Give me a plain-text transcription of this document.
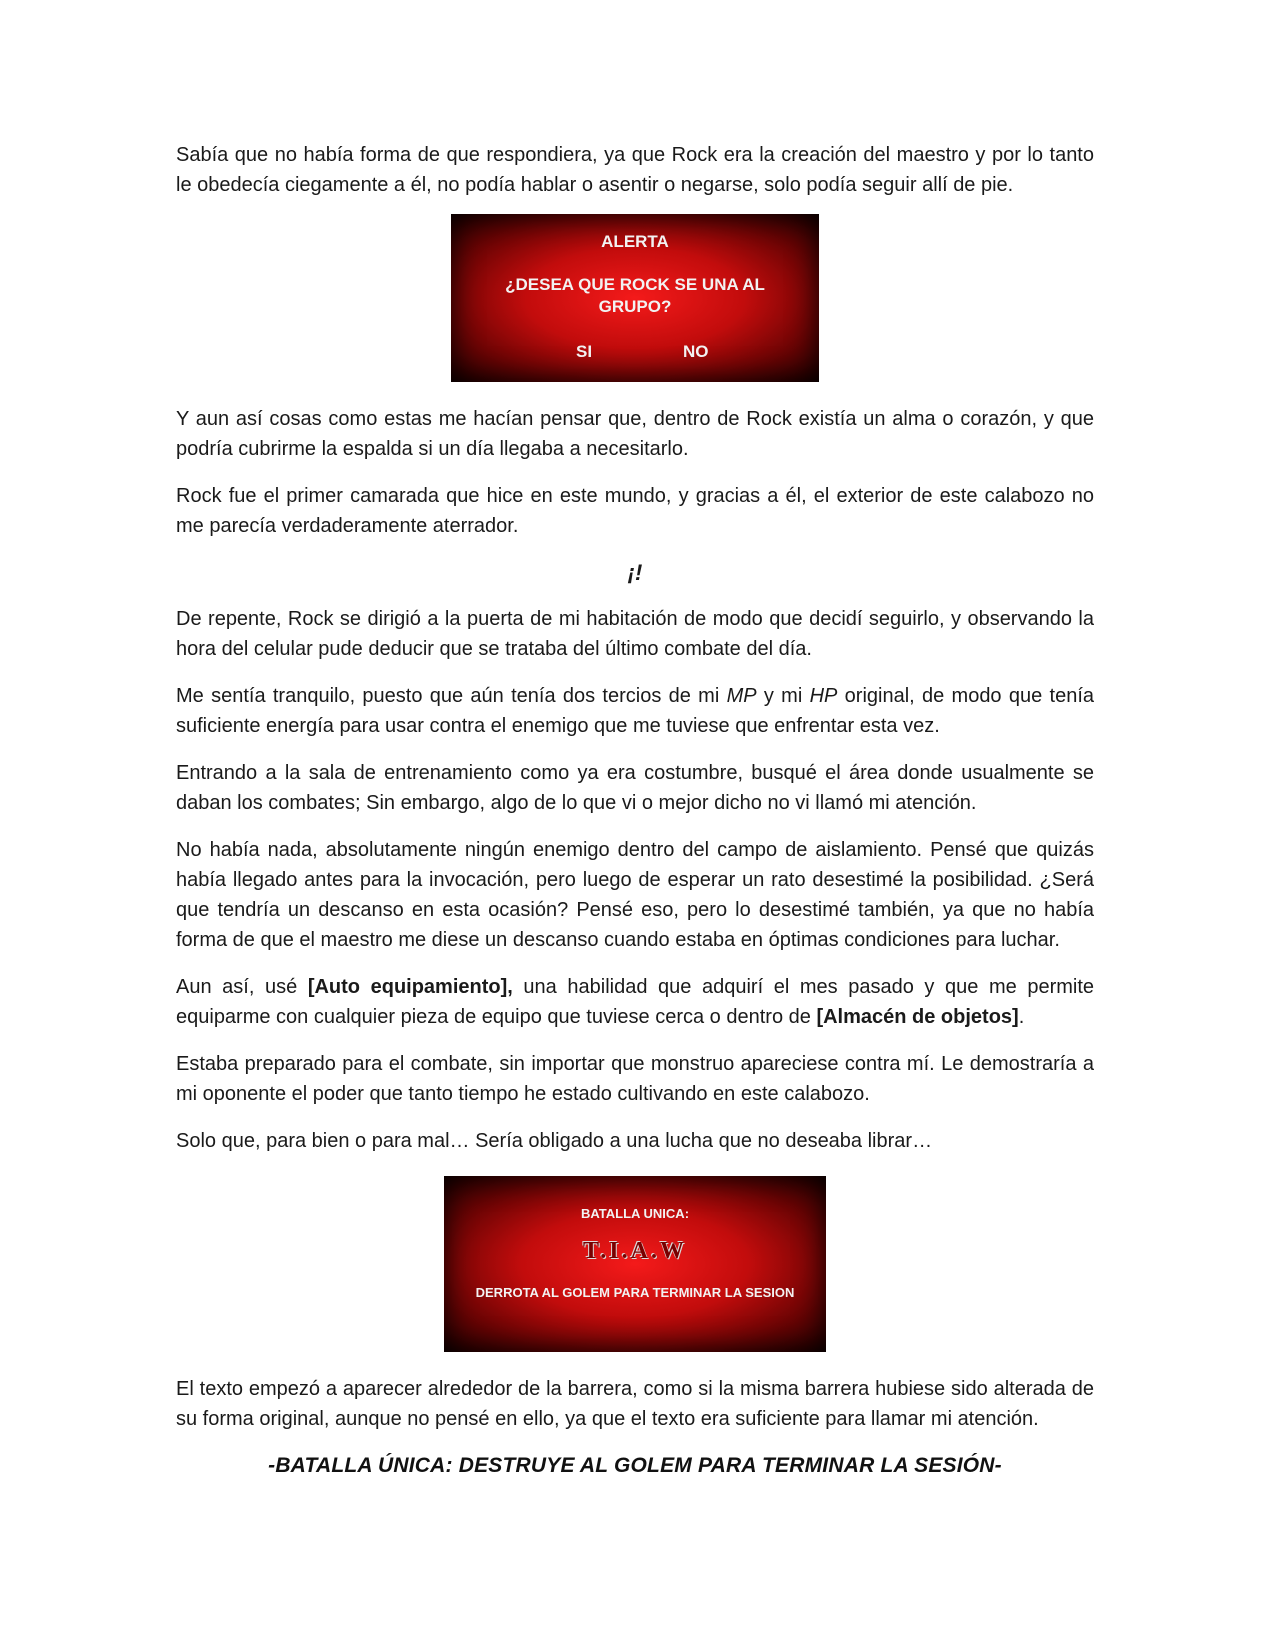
Sabía que no había forma de que respondiera, ya que Rock era la creación del maestro y por lo tanto le obedecía ciegamente a él, no podía hablar o asentir o negarse, solo podía seguir allí de pie.

ALERTA
¿DESEA QUE ROCK SE UNA AL GRUPO?
SI	NO

Y aun así cosas como estas me hacían pensar que, dentro de Rock existía un alma o corazón, y que podría cubrirme la espalda si un día llegaba a necesitarlo.

Rock fue el primer camarada que hice en este mundo, y gracias a él, el exterior de este calabozo no me parecía verdaderamente aterrador.

¡!

De repente, Rock se dirigió a la puerta de mi habitación de modo que decidí seguirlo, y observando la hora del celular pude deducir que se trataba del último combate del día.

Me sentía tranquilo, puesto que aún tenía dos tercios de mi MP y mi HP original, de modo que tenía suficiente energía para usar contra el enemigo que me tuviese que enfrentar esta vez.

Entrando a la sala de entrenamiento como ya era costumbre, busqué el área donde usualmente se daban los combates; Sin embargo, algo de lo que vi o mejor dicho no vi llamó mi atención.

No había nada, absolutamente ningún enemigo dentro del campo de aislamiento. Pensé que quizás había llegado antes para la invocación, pero luego de esperar un rato desestimé la posibilidad. ¿Será que tendría un descanso en esta ocasión? Pensé eso, pero lo desestimé también, ya que no había forma de que el maestro me diese un descanso cuando estaba en óptimas condiciones para luchar.

Aun así, usé [Auto equipamiento], una habilidad que adquirí el mes pasado y que me permite equiparme con cualquier pieza de equipo que tuviese cerca o dentro de [Almacén de objetos].

Estaba preparado para el combate, sin importar que monstruo apareciese contra mí. Le demostraría a mi oponente el poder que tanto tiempo he estado cultivando en este calabozo.

Solo que, para bien o para mal… Sería obligado a una lucha que no deseaba librar…

BATALLA UNICA:
T.I.A.W
DERROTA AL GOLEM PARA TERMINAR LA SESION

El texto empezó a aparecer alrededor de la barrera, como si la misma barrera hubiese sido alterada de su forma original, aunque no pensé en ello, ya que el texto era suficiente para llamar mi atención.

-BATALLA ÚNICA: DESTRUYE AL GOLEM PARA TERMINAR LA SESIÓN-
